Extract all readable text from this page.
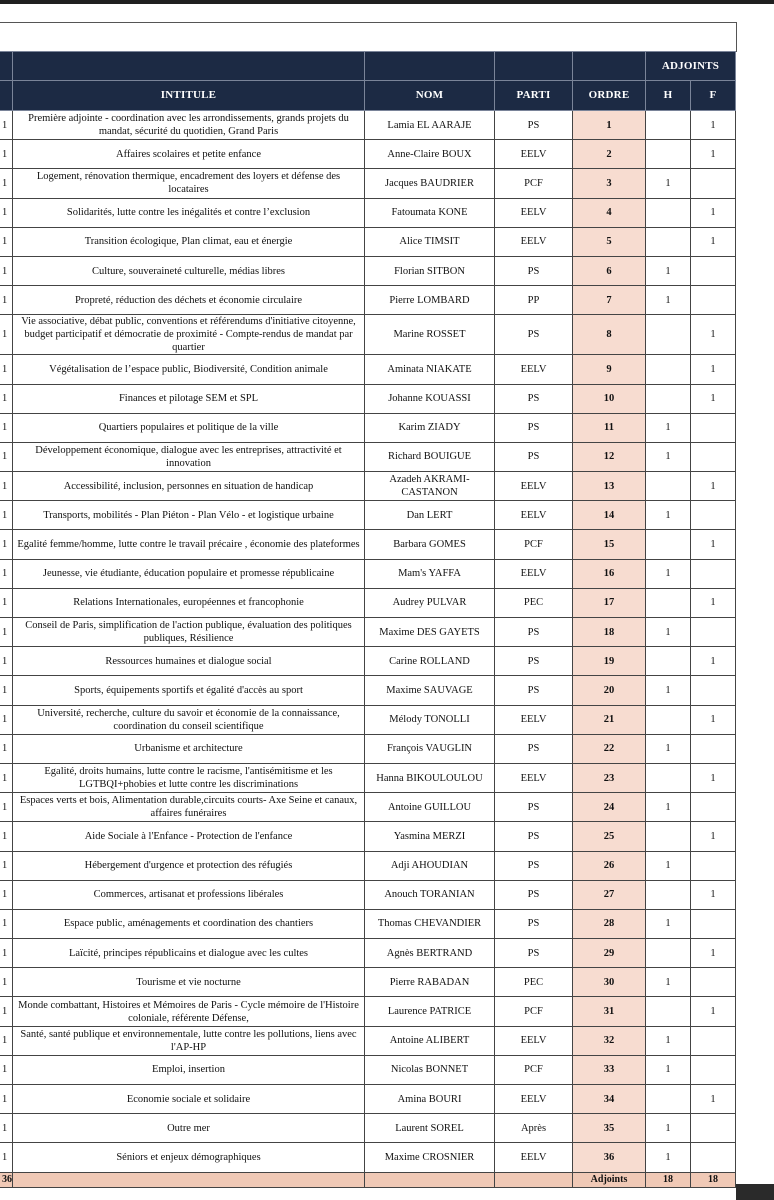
					ADJOINTS	
	INTITULE	NOM	PARTI	ORDRE	H	F
1	Première adjointe - coordination avec les arrondissements, grands projets du mandat, sécurité du quotidien, Grand Paris	Lamia EL AARAJE	PS	1		1
1	Affaires scolaires et petite enfance	Anne-Claire BOUX	EELV	2		1
1	Logement, rénovation thermique, encadrement des loyers et défense des locataires	Jacques BAUDRIER	PCF	3	1	
1	Solidarités, lutte contre les inégalités et contre l’exclusion	Fatoumata KONE	EELV	4		1
1	Transition écologique, Plan climat, eau et énergie	Alice TIMSIT	EELV	5		1
1	Culture, souveraineté culturelle, médias libres	Florian SITBON	PS	6	1	
1	Propreté, réduction des déchets et économie circulaire	Pierre LOMBARD	PP	7	1	
1	Vie associative, débat public, conventions et référendums d'initiative citoyenne, budget participatif et démocratie de proximité - Compte-rendus de mandat par quartier	Marine ROSSET	PS	8		1
1	Végétalisation de l’espace public, Biodiversité, Condition animale	Aminata NIAKATE	EELV	9		1
1	Finances et pilotage SEM et SPL	Johanne KOUASSI	PS	10		1
1	Quartiers populaires et politique de la ville	Karim ZIADY	PS	11	1	
1	Développement économique, dialogue avec les entreprises, attractivité et innovation	Richard BOUIGUE	PS	12	1	
1	Accessibilité, inclusion, personnes en situation de handicap	Azadeh AKRAMI-CASTANON	EELV	13		1
1	Transports, mobilités - Plan Piéton - Plan Vélo - et logistique urbaine	Dan LERT	EELV	14	1	
1	Egalité femme/homme, lutte contre le travail précaire , économie des plateformes	Barbara GOMES	PCF	15		1
1	Jeunesse, vie étudiante, éducation populaire et promesse républicaine	Mam's YAFFA	EELV	16	1	
1	Relations Internationales, européennes et francophonie	Audrey PULVAR	PEC	17		1
1	Conseil de Paris, simplification de l'action publique, évaluation des politiques publiques, Résilience	Maxime DES GAYETS	PS	18	1	
1	Ressources humaines et dialogue social	Carine ROLLAND	PS	19		1
1	Sports, équipements sportifs et égalité d'accès au sport	Maxime SAUVAGE	PS	20	1	
1	Université, recherche, culture du savoir et économie de la connaissance, coordination du conseil scientifique	Mélody TONOLLI	EELV	21		1
1	Urbanisme et architecture	François VAUGLIN	PS	22	1	
1	Egalité, droits humains, lutte contre le racisme, l'antisémitisme et les LGTBQI+phobies et lutte contre les discriminations	Hanna BIKOULOULOU	EELV	23		1
1	Espaces verts et bois, Alimentation durable,circuits courts- Axe Seine et canaux, affaires funéraires	Antoine GUILLOU	PS	24	1	
1	Aide Sociale à l'Enfance - Protection de l'enfance	Yasmina MERZI	PS	25		1
1	Hébergement d'urgence et protection des réfugiés	Adji AHOUDIAN	PS	26	1	
1	Commerces, artisanat et professions libérales	Anouch TORANIAN	PS	27		1
1	Espace public, aménagements et coordination des chantiers	Thomas CHEVANDIER	PS	28	1	
1	Laïcité, principes républicains et dialogue avec les cultes	Agnès BERTRAND	PS	29		1
1	Tourisme et vie nocturne	Pierre RABADAN	PEC	30	1	
1	Monde combattant, Histoires et Mémoires de Paris - Cycle mémoire de l'Histoire coloniale, référente Défense,	Laurence PATRICE	PCF	31		1
1	Santé, santé publique et environnementale, lutte contre les pollutions, liens avec l'AP-HP	Antoine ALIBERT	EELV	32	1	
1	Emploi, insertion	Nicolas BONNET	PCF	33	1	
1	Economie sociale et solidaire	Amina BOURI	EELV	34		1
1	Outre mer	Laurent SOREL	Après	35	1	
1	Séniors et enjeux démographiques	Maxime CROSNIER	EELV	36	1	
36				Adjoints	18	18
